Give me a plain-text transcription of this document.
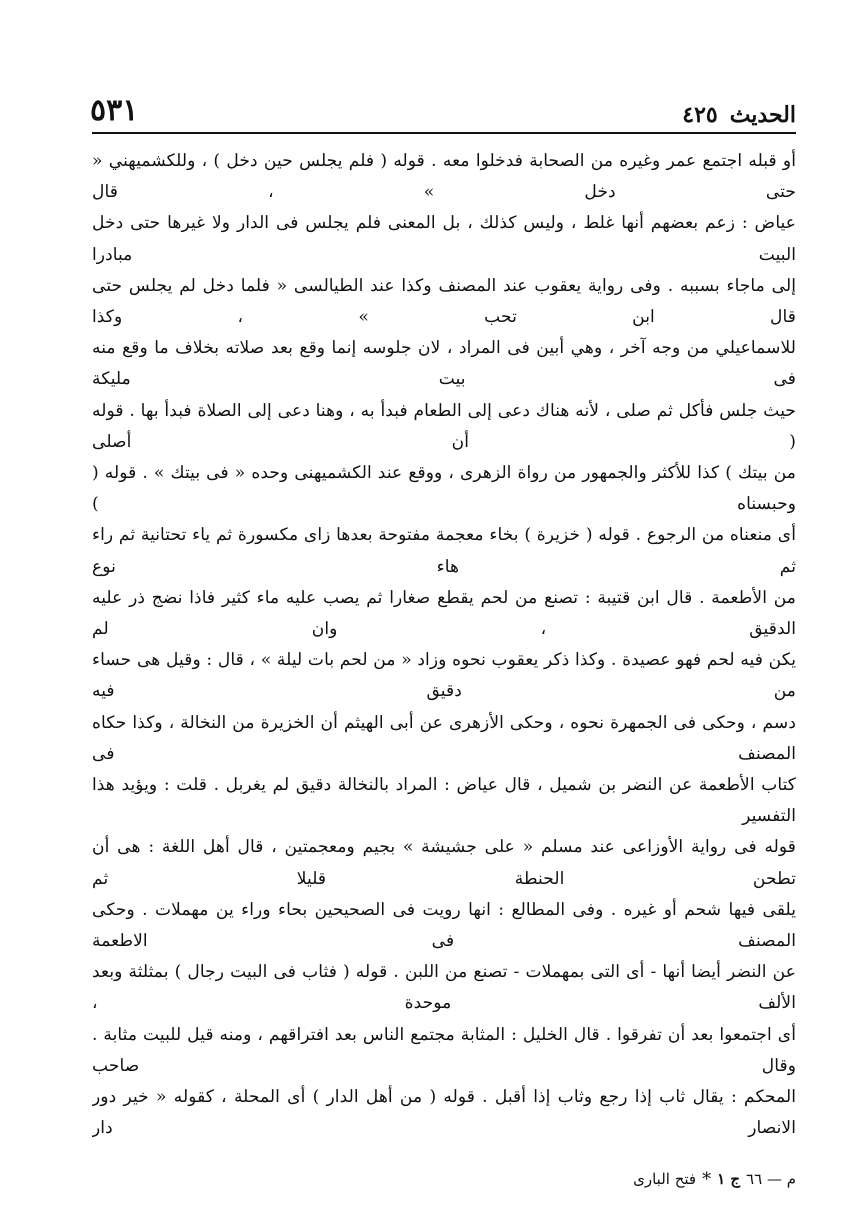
الحديث
٤٢٥
٥٣١

أو قبله اجتمع عمر وغيره من الصحابة فدخلوا معه . قوله ( فلم يجلس حين دخل ) ، وللكشميهني « حتى دخل » ، قال

عياض : زعم بعضهم أنها غلط ، وليس كذلك ، بل المعنى فلم يجلس فى الدار ولا غيرها حتى دخل البيت مبادرا

إلى ماجاء بسببه . وفى رواية يعقوب عند المصنف وكذا عند الطيالسى « فلما دخل لم يجلس حتى قال ابن تحب » ، وكذا

للاسماعيلي من وجه آخر ، وهي أبين فى المراد ، لان جلوسه إنما وقع بعد صلاته بخلاف ما وقع منه فى بيت مليكة

حيث جلس فأكل ثم صلى ، لأنه هناك دعى إلى الطعام فبدأ به ، وهنا دعى إلى الصلاة فبدأ بها . قوله ( أن أصلى

من بيتك ) كذا للأكثر والجمهور من رواة الزهرى ، ووقع عند الكشميهنى وحده « فى بيتك » . قوله ( وحبسناه )

أى منعناه من الرجوع . قوله ( خزيرة ) بخاء معجمة مفتوحة بعدها زاى مكسورة ثم ياء تحتانية ثم راء ثم هاء نوع

من الأطعمة . قال ابن قتيبة : تصنع من لحم يقطع صغارا ثم يصب عليه ماء كثير فاذا نضج ذر عليه الدقيق ، وان لم

يكن فيه لحم فهو عصيدة . وكذا ذكر يعقوب نحوه وزاد « من لحم بات ليلة » ، قال : وقيل هى حساء من دقيق فيه

دسم ، وحكى فى الجمهرة نحوه ، وحكى الأزهرى عن أبى الهيثم أن الخزيرة من النخالة ، وكذا حكاه المصنف فى

كتاب الأطعمة عن النضر بن شميل ، قال عياض : المراد بالنخالة دقيق لم يغربل . قلت : ويؤيد هذا التفسير

قوله فى رواية الأوزاعى عند مسلم « على جشيشة » بجيم ومعجمتين ، قال أهل اللغة : هى أن تطحن الحنطة قليلا ثم

يلقى فيها شحم أو غيره . وفى المطالع : انها رويت فى الصحيحين بحاء وراء ين مهملات . وحكى المصنف فى الاطعمة

عن النضر أيضا أنها - أى التى بمهملات - تصنع من اللبن . قوله ( فثاب فى البيت رجال ) بمثلثة وبعد الألف موحدة ،

أى اجتمعوا بعد أن تفرقوا . قال الخليل : المثابة مجتمع الناس بعد افتراقهم ، ومنه قيل للبيت مثابة . وقال صاحب

المحكم : يقال ثاب إذا رجع وثاب إذا أقبل . قوله ( من أهل الدار ) أى المحلة ، كقوله « خير دور الانصار دار

م — ٦٦
ج ١
*
فتح البارى
